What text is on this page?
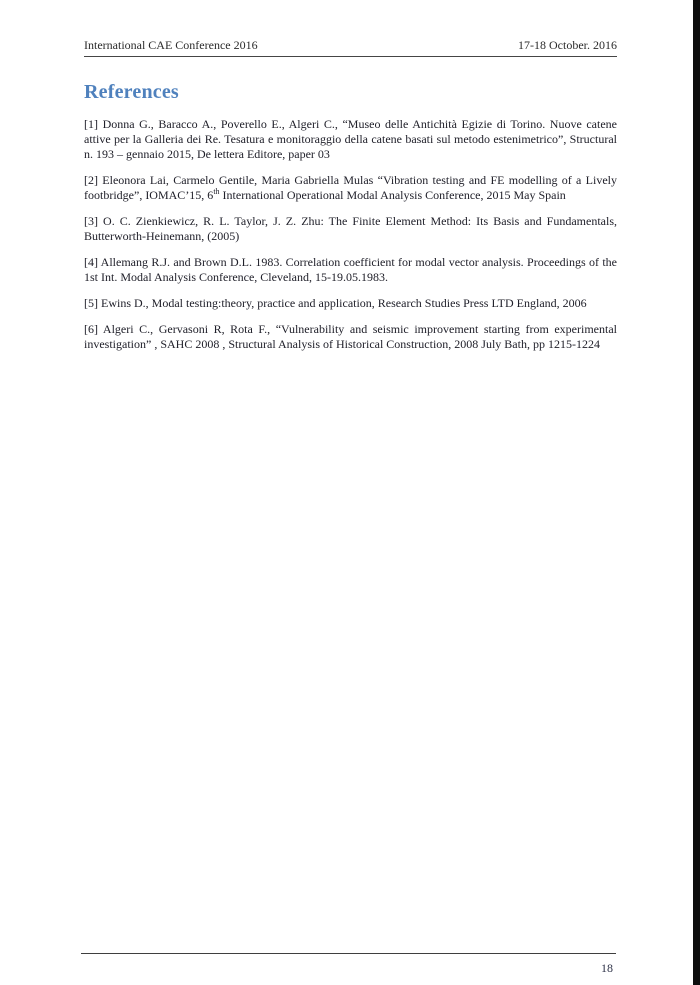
International CAE Conference 2016	17-18 October. 2016
References

[1] Donna G., Baracco A., Poverello E., Algeri C., “Museo delle Antichità Egizie di Torino. Nuove catene attive per la Galleria dei Re. Tesatura e monitoraggio della catene basati sul metodo estenimetrico”, Structural n. 193 – gennaio 2015, De lettera Editore, paper 03

[2] Eleonora Lai, Carmelo Gentile, Maria Gabriella Mulas “Vibration testing and FE modelling of a Lively footbridge”, IOMAC’15, 6th International Operational Modal Analysis Conference, 2015 May Spain

[3] O. C. Zienkiewicz, R. L. Taylor, J. Z. Zhu: The Finite Element Method: Its Basis and Fundamentals, Butterworth-Heinemann, (2005)

[4] Allemang R.J. and Brown D.L. 1983. Correlation coefficient for modal vector analysis. Proceedings of the 1st Int. Modal Analysis Conference, Cleveland, 15-19.05.1983.

[5] Ewins D., Modal testing:theory, practice and application, Research Studies Press LTD England, 2006

[6] Algeri C., Gervasoni R, Rota F., “Vulnerability and seismic improvement starting from experimental investigation” , SAHC 2008 , Structural Analysis of Historical Construction, 2008 July Bath, pp 1215-1224

18
